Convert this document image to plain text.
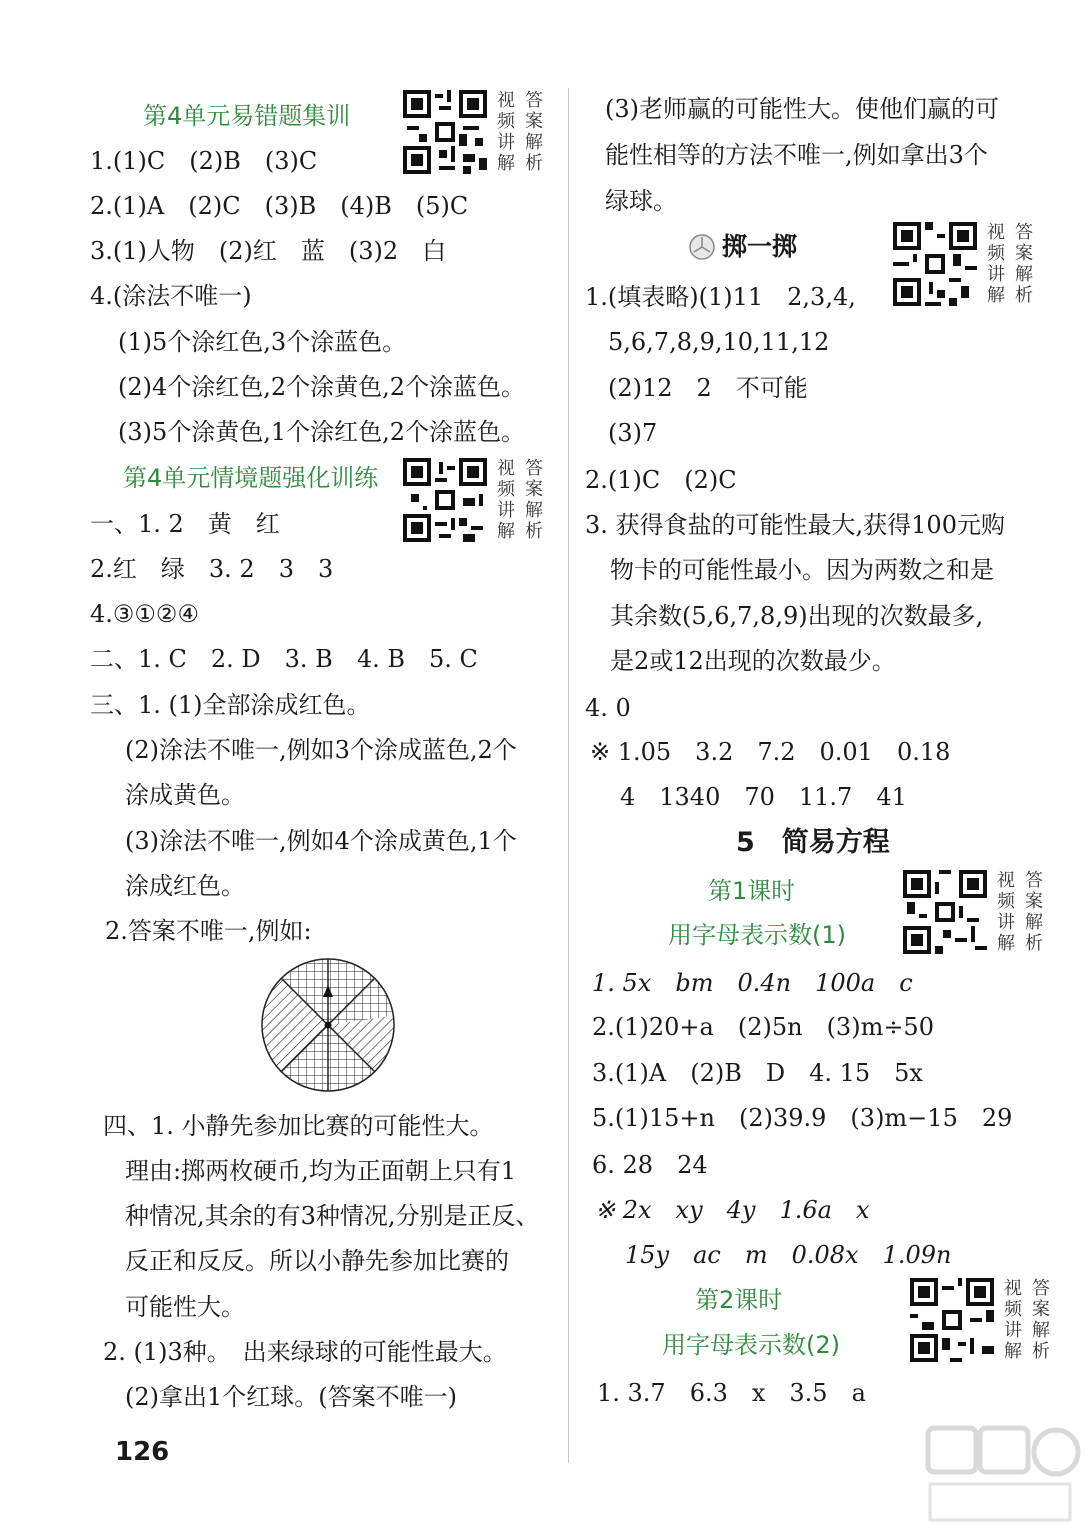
第4单元易错题集训
视
频
讲
解
答
案
解
析
1.(1)C　(2)B　(3)C
2.(1)A　(2)C　(3)B　(4)B　(5)C
3.(1)人物　(2)红　蓝　(3)2　白
4.(涂法不唯一)
(1)5个涂红色,3个涂蓝色。
(2)4个涂红色,2个涂黄色,2个涂蓝色。
(3)5个涂黄色,1个涂红色,2个涂蓝色。
第4单元情境题强化训练	视
频
讲
解
答
案
解
析
一、1. 2　黄　红
2.红　绿　3. 2　3　3
4.③①②④
二、1. C　2. D　3. B　4. B　5. C
三、1. (1)全部涂成红色。
(2)涂法不唯一,例如3个涂成蓝色,2个
涂成黄色。
(3)涂法不唯一,例如4个涂成黄色,1个
涂成红色。
2.答案不唯一,例如:
四、1. 小静先参加比赛的可能性大。
理由:掷两枚硬币,均为正面朝上只有1
种情况,其余的有3种情况,分别是正反、
反正和反反。所以小静先参加比赛的
可能性大。
2. (1)3种。　出来绿球的可能性最大。
(2)拿出1个红球。(答案不唯一)
(3)老师赢的可能性大。使他们赢的可
能性相等的方法不唯一,例如拿出3个
绿球。
掷一掷	视
频
讲
解
答
案
解
析
1.(填表略)(1)11　2,3,4,
5,6,7,8,9,10,11,12
(2)12　2　不可能
(3)7
2.(1)C　(2)C
3. 获得食盐的可能性最大,获得100元购
物卡的可能性最小。因为两数之和是
其余数(5,6,7,8,9)出现的次数最多,
是2或12出现的次数最少。
4. 0
※ 1.05　3.2　7.2　0.01　0.18
4　1340　70　11.7　41
5　简易方程
第1课时
用字母表示数(1)
视
频
讲
解
答
案
解
析
1. 5x　bm　0.4n　100a　c
2.(1)20+a　(2)5n　(3)m÷50
3.(1)A　(2)B　D　4. 15　5x
5.(1)15+n　(2)39.9　(3)m−15　29
6. 28　24
※ 2x　xy　4y　1.6a　x
15y　ac　m　0.08x　1.09n
第2课时
用字母表示数(2)
视
频
讲
解
答
案
解
析
1. 3.7　6.3　x　3.5　a
126
